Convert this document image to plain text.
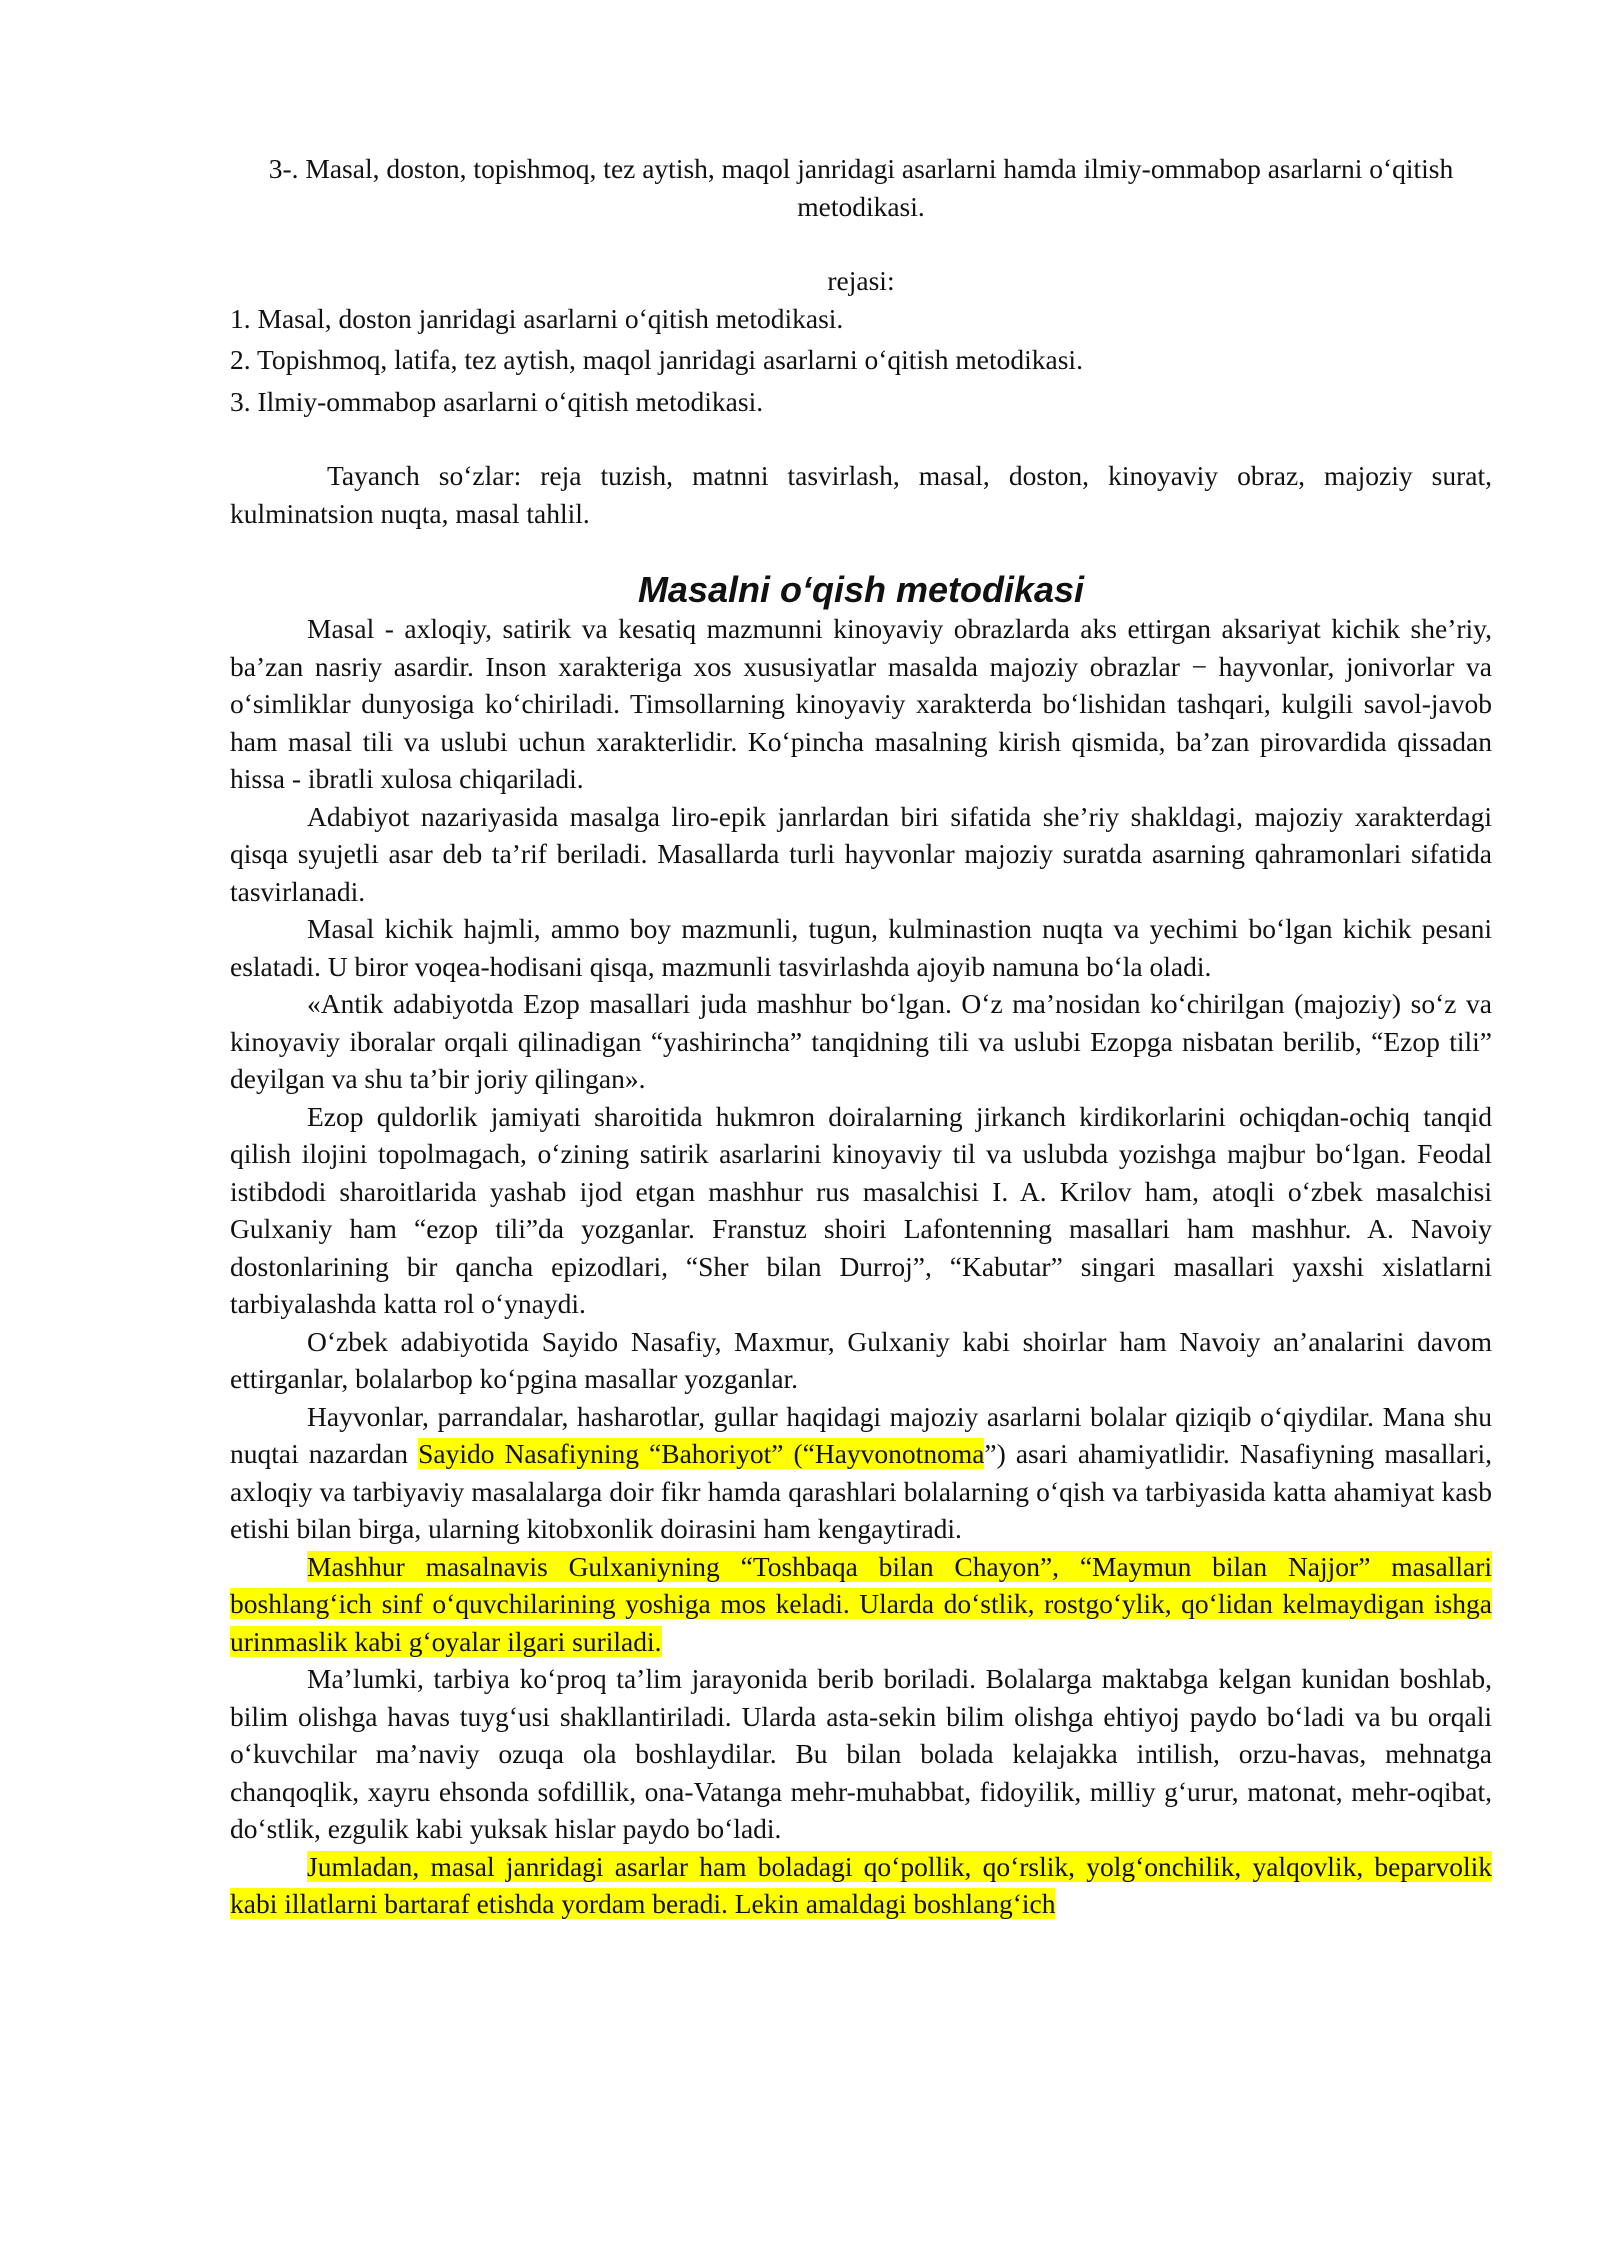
3-. Masal, doston, topishmoq, tez aytish, maqol janridagi asarlarni hamda ilmiy-ommabop asarlarni o‘qitish metodikasi.

rejasi:
1. Masal, doston janridagi asarlarni o‘qitish metodikasi.
2. Topishmoq, latifa, tez aytish, maqol janridagi asarlarni o‘qitish metodikasi.
3. Ilmiy-ommabop asarlarni o‘qitish metodikasi.

Tayanch so‘zlar: reja tuzish, matnni tasvirlash, masal, doston, kinoyaviy obraz, majoziy surat, kulminatsion nuqta, masal tahlil.

Masalni o‘qish metodikasi

Masal - axloqiy, satirik va kesatiq mazmunni kinoyaviy obrazlarda aks ettirgan aksariyat kichik she’riy, ba’zan nasriy asardir. Inson xarakteriga xos xususiyatlar masalda majoziy obrazlar − hayvonlar, jonivorlar va o‘simliklar dunyosiga ko‘chiriladi. Timsollarning kinoyaviy xarakterda bo‘lishidan tashqari, kulgili savol-javob ham masal tili va uslubi uchun xarakterlidir. Ko‘pincha masalning kirish qismida, ba’zan pirovardida qissadan hissa - ibratli xulosa chiqariladi.

Adabiyot nazariyasida masalga liro-epik janrlardan biri sifatida she’riy shakldagi, majoziy xarakterdagi qisqa syujetli asar deb ta’rif beriladi. Masallarda turli hayvonlar majoziy suratda asarning qahramonlari sifatida tasvirlanadi.

Masal kichik hajmli, ammo boy mazmunli, tugun, kulminastion nuqta va yechimi bo‘lgan kichik pesani eslatadi. U biror voqea-hodisani qisqa, mazmunli tasvirlashda ajoyib namuna bo‘la oladi.

«Antik adabiyotda Ezop masallari juda mashhur bo‘lgan. O‘z ma’nosidan ko‘chirilgan (majoziy) so‘z va kinoyaviy iboralar orqali qilinadigan “yashirincha” tanqidning tili va uslubi Ezopga nisbatan berilib, “Ezop tili” deyilgan va shu ta’bir joriy qilingan».

Ezop quldorlik jamiyati sharoitida hukmron doiralarning jirkanch kirdikorlarini ochiqdan-ochiq tanqid qilish ilojini topolmagach, o‘zining satirik asarlarini kinoyaviy til va uslubda yozishga majbur bo‘lgan. Feodal istibdodi sharoitlarida yashab ijod etgan mashhur rus masalchisi I. A. Krilov ham, atoqli o‘zbek masalchisi Gulxaniy ham “ezop tili”da yozganlar. Franstuz shoiri Lafontenning masallari ham mashhur. A. Navoiy dostonlarining bir qancha epizodlari, “Sher bilan Durroj”, “Kabutar” singari masallari yaxshi xislatlarni tarbiyalashda katta rol o‘ynaydi.

O‘zbek adabiyotida Sayido Nasafiy, Maxmur, Gulxaniy kabi shoirlar ham Navoiy an’analarini davom ettirganlar, bolalarbop ko‘pgina masallar yozganlar.

Hayvonlar, parrandalar, hasharotlar, gullar haqidagi majoziy asarlarni bolalar qiziqib o‘qiydilar. Mana shu nuqtai nazardan Sayido Nasafiyning “Bahoriyot” (“Hayvonotnoma”) asari ahamiyatlidir. Nasafiyning masallari, axloqiy va tarbiyaviy masalalarga doir fikr hamda qarashlari bolalarning o‘qish va tarbiyasida katta ahamiyat kasb etishi bilan birga, ularning kitobxonlik doirasini ham kengaytiradi.

Mashhur masalnavis Gulxaniyning “Toshbaqa bilan Chayon”, “Maymun bilan Najjor” masallari boshlang‘ich sinf o‘quvchilarining yoshiga mos keladi. Ularda do‘stlik, rostgo‘ylik, qo‘lidan kelmaydigan ishga urinmaslik kabi g‘oyalar ilgari suriladi.

Ma’lumki, tarbiya ko‘proq ta’lim jarayonida berib boriladi. Bolalarga maktabga kelgan kunidan boshlab, bilim olishga havas tuyg‘usi shakllantiriladi. Ularda asta-sekin bilim olishga ehtiyoj paydo bo‘ladi va bu orqali o‘kuvchilar ma’naviy ozuqa ola boshlaydilar. Bu bilan bolada kelajakka intilish, orzu-havas, mehnatga chanqoqlik, xayru ehsonda sofdillik, ona-Vatanga mehr-muhabbat, fidoyilik, milliy g‘urur, matonat, mehr-oqibat, do‘stlik, ezgulik kabi yuksak hislar paydo bo‘ladi.

Jumladan, masal janridagi asarlar ham boladagi qo‘pollik, qo‘rslik, yolg‘onchilik, yalqovlik, beparvolik kabi illatlarni bartaraf etishda yordam beradi. Lekin amaldagi boshlang‘ich
